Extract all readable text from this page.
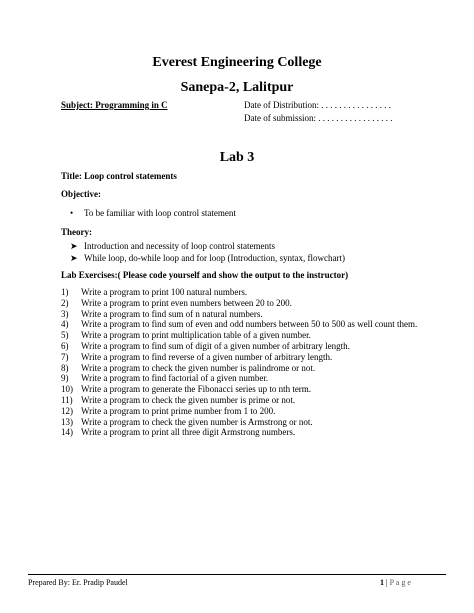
Everest Engineering College
Sanepa-2, Lalitpur
Subject: Programming in C	Date of Distribution: . . . . . . . . . . . . . . . .
Date of submission: . . . . . . . . . . . . . . . . .
Lab 3
Title: Loop control statements
Objective:
• To be familiar with loop control statement
Theory:
➤ Introduction and necessity of loop control statements
➤ While loop, do-while loop and for loop (Introduction, syntax, flowchart)
Lab Exercises:( Please code yourself and show the output to the instructor)
1)	Write a program to print 100 natural numbers.
2)	Write a program to print even numbers between 20 to 200.
3)	Write a program to find sum of n natural numbers.
4)	Write a program to find sum of even and odd numbers between 50 to 500 as well count them.
5)	Write a program to print multiplication table of a given number.
6)	Write a program to find sum of digit of a given number of arbitrary length.
7)	Write a program to find reverse of a given number of arbitrary length.
8)	Write a program to check the given number is palindrome or not.
9)	Write a program to find factorial of a given number.
10) Write a program to generate the Fibonacci series up to nth term.
11) Write a program to check the given number is prime or not.
12) Write a program to print prime number from 1 to 200.
13) Write a program to check the given number is Armstrong or not.
14) Write a program to print all three digit Armstrong numbers.
Prepared By: Er. Pradip Paudel	1 | P a g e
